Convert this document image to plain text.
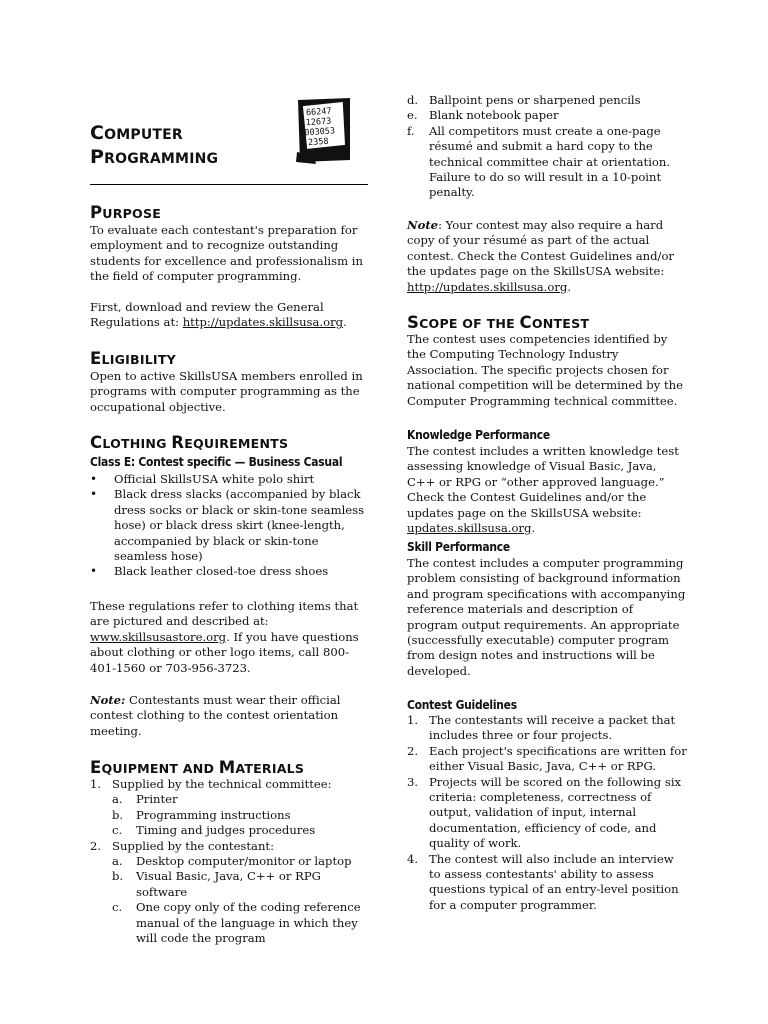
COMPUTER
PROGRAMMING
66247
12673
003053
2358
PURPOSE

To evaluate each contestant's preparation for employment and to recognize outstanding students for excellence and professionalism in the field of computer programming.

First, download and review the General Regulations at: http://updates.skillsusa.org.

ELIGIBILITY

Open to active SkillsUSA members enrolled in programs with computer programming as the occupational objective.

CLOTHING REQUIREMENTS
Class E: Contest specific — Business Casual
• Official SkillsUSA white polo shirt
• Black dress slacks (accompanied by black dress socks or black or skin-tone seamless hose) or black dress skirt (knee-length, accompanied by black or skin-tone seamless hose)
• Black leather closed-toe dress shoes

These regulations refer to clothing items that are pictured and described at: www.skillsusastore.org. If you have questions about clothing or other logo items, call 800-401-1560 or 703-956-3723.

Note: Contestants must wear their official contest clothing to the contest orientation meeting.

EQUIPMENT AND MATERIALS
1. Supplied by the technical committee:
a. Printer
b. Programming instructions
c. Timing and judges procedures
2. Supplied by the contestant:
a. Desktop computer/monitor or laptop
b. Visual Basic, Java, C++ or RPG software
c. One copy only of the coding reference manual of the language in which they will code the program
d. Ballpoint pens or sharpened pencils
e. Blank notebook paper
f. All competitors must create a one-page résumé and submit a hard copy to the technical committee chair at orientation. Failure to do so will result in a 10-point penalty.

Note: Your contest may also require a hard copy of your résumé as part of the actual contest. Check the Contest Guidelines and/or the updates page on the SkillsUSA website: http://updates.skillsusa.org.

SCOPE OF THE CONTEST

The contest uses competencies identified by the Computing Technology Industry Association. The specific projects chosen for national competition will be determined by the Computer Programming technical committee.

Knowledge Performance

The contest includes a written knowledge test assessing knowledge of Visual Basic, Java, C++ or RPG or “other approved language.” Check the Contest Guidelines and/or the updates page on the SkillsUSA website: updates.skillsusa.org.

Skill Performance

The contest includes a computer programming problem consisting of background information and program specifications with accompanying reference materials and description of program output requirements. An appropriate (successfully executable) computer program from design notes and instructions will be developed.

Contest Guidelines
1. The contestants will receive a packet that includes three or four projects.
2. Each project's specifications are written for either Visual Basic, Java, C++ or RPG.
3. Projects will be scored on the following six criteria: completeness, correctness of output, validation of input, internal documentation, efficiency of code, and quality of work.
4. The contest will also include an interview to assess contestants' ability to assess questions typical of an entry-level position for a computer programmer.
